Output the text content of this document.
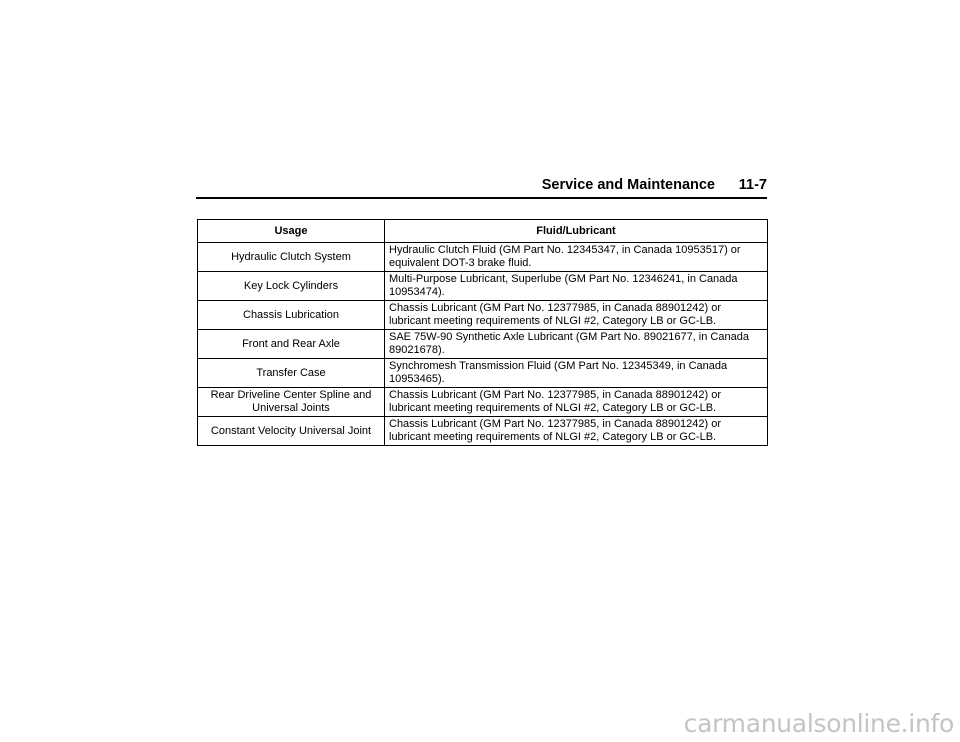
Service and Maintenance 11-7
Usage	Fluid/Lubricant
Hydraulic Clutch System	Hydraulic Clutch Fluid (GM Part No. 12345347, in Canada 10953517) or equivalent DOT-3 brake fluid.
Key Lock Cylinders	Multi-Purpose Lubricant, Superlube (GM Part No. 12346241, in Canada 10953474).
Chassis Lubrication	Chassis Lubricant (GM Part No. 12377985, in Canada 88901242) or lubricant meeting requirements of NLGI #2, Category LB or GC-LB.
Front and Rear Axle	SAE 75W-90 Synthetic Axle Lubricant (GM Part No. 89021677, in Canada 89021678).
Transfer Case	Synchromesh Transmission Fluid (GM Part No. 12345349, in Canada 10953465).
Rear Driveline Center Spline and Universal Joints	Chassis Lubricant (GM Part No. 12377985, in Canada 88901242) or lubricant meeting requirements of NLGI #2, Category LB or GC-LB.
Constant Velocity Universal Joint	Chassis Lubricant (GM Part No. 12377985, in Canada 88901242) or lubricant meeting requirements of NLGI #2, Category LB or GC-LB.
carmanualsonline.info
